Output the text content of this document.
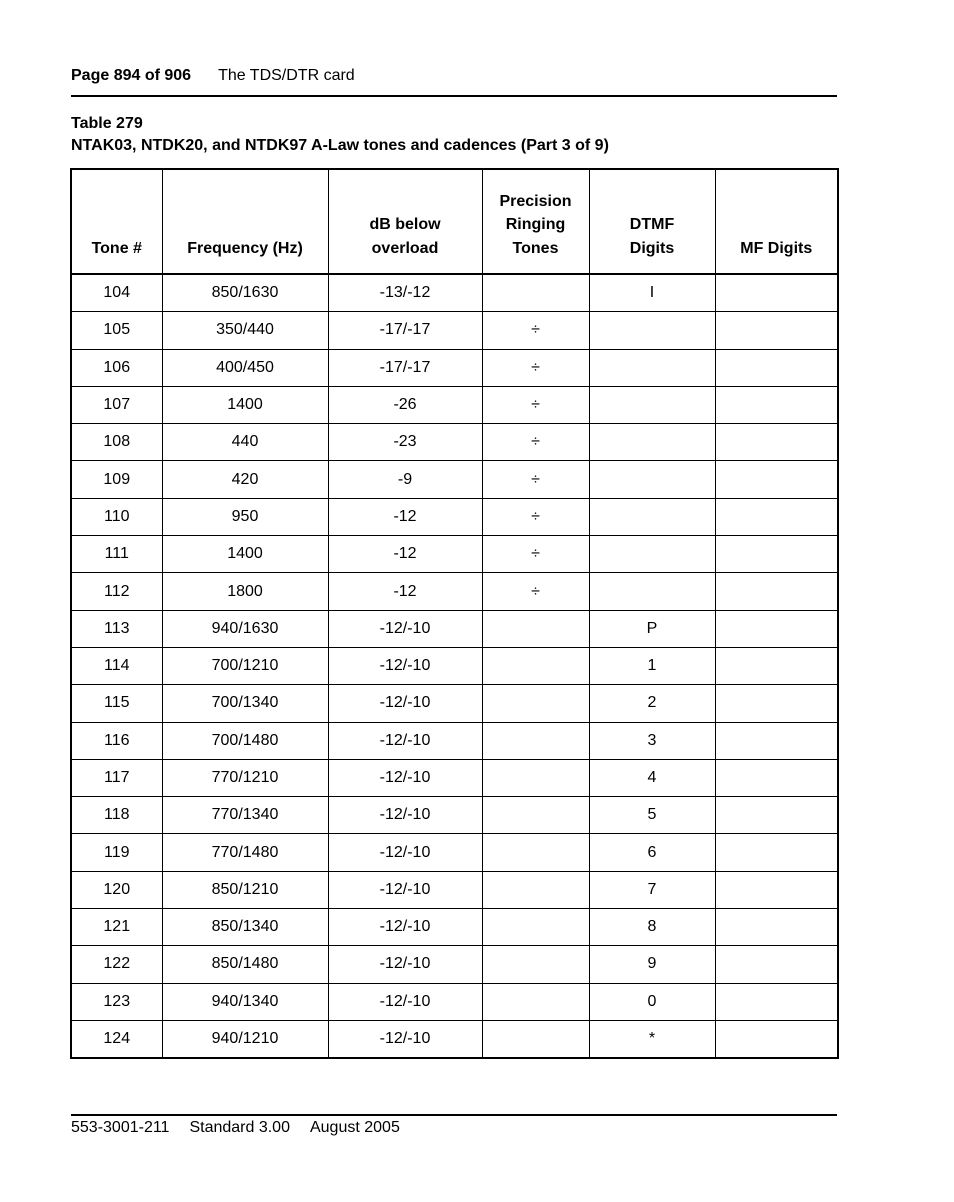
Page 894 of 906 The TDS/DTR card
Table 279
NTAK03, NTDK20, and NTDK97 A-Law tones and cadences (Part 3 of 9)
Tone #	Frequency (Hz)	dB below overload	Precision Ringing Tones	DTMF Digits	MF Digits
104	850/1630	-13/-12		I	
105	350/440	-17/-17	÷		
106	400/450	-17/-17	÷		
107	1400	-26	÷		
108	440	-23	÷		
109	420	-9	÷		
110	950	-12	÷		
111	1400	-12	÷		
112	1800	-12	÷		
113	940/1630	-12/-10		P	
114	700/1210	-12/-10		1	
115	700/1340	-12/-10		2	
116	700/1480	-12/-10		3	
117	770/1210	-12/-10		4	
118	770/1340	-12/-10		5	
119	770/1480	-12/-10		6	
120	850/1210	-12/-10		7	
121	850/1340	-12/-10		8	
122	850/1480	-12/-10		9	
123	940/1340	-12/-10		0	
124	940/1210	-12/-10		*	
553-3001-211 Standard 3.00 August 2005
